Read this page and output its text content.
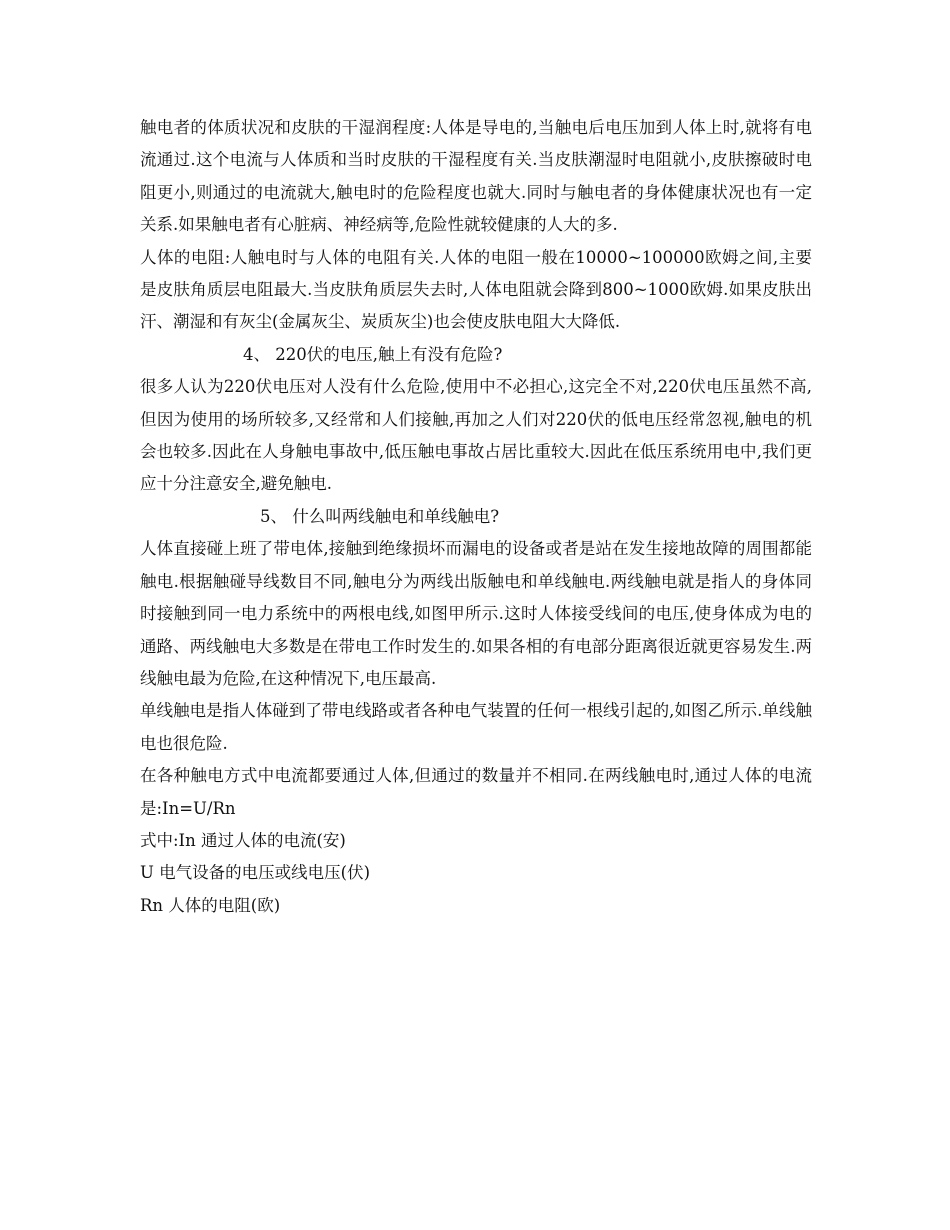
触电者的体质状况和皮肤的干湿润程度:人体是导电的,当触电后电压加到人体上时,就将有电流通过.这个电流与人体质和当时皮肤的干湿程度有关.当皮肤潮湿时电阻就小,皮肤擦破时电阻更小,则通过的电流就大,触电时的危险程度也就大.同时与触电者的身体健康状况也有一定关系.如果触电者有心脏病、神经病等,危险性就较健康的人大的多.

人体的电阻:人触电时与人体的电阻有关.人体的电阻一般在10000~100000欧姆之间,主要是皮肤角质层电阻最大.当皮肤角质层失去时,人体电阻就会降到800~1000欧姆.如果皮肤出汗、潮湿和有灰尘(金属灰尘、炭质灰尘)也会使皮肤电阻大大降低.

4、 220伏的电压,触上有没有危险?

很多人认为220伏电压对人没有什么危险,使用中不必担心,这完全不对,220伏电压虽然不高,但因为使用的场所较多,又经常和人们接触,再加之人们对220伏的低电压经常忽视,触电的机会也较多.因此在人身触电事故中,低压触电事故占居比重较大.因此在低压系统用电中,我们更应十分注意安全,避免触电.

5、 什么叫两线触电和单线触电?

人体直接碰上班了带电体,接触到绝缘损坏而漏电的设备或者是站在发生接地故障的周围都能触电.根据触碰导线数目不同,触电分为两线出版触电和单线触电.两线触电就是指人的身体同时接触到同一电力系统中的两根电线,如图甲所示.这时人体接受线间的电压,使身体成为电的通路、两线触电大多数是在带电工作时发生的.如果各相的有电部分距离很近就更容易发生.两线触电最为危险,在这种情况下,电压最高.

单线触电是指人体碰到了带电线路或者各种电气装置的任何一根线引起的,如图乙所示.单线触电也很危险.

在各种触电方式中电流都要通过人体,但通过的数量并不相同.在两线触电时,通过人体的电流是:In=U/Rn

式中:In 通过人体的电流(安)

U 电气设备的电压或线电压(伏)

Rn 人体的电阻(欧)
